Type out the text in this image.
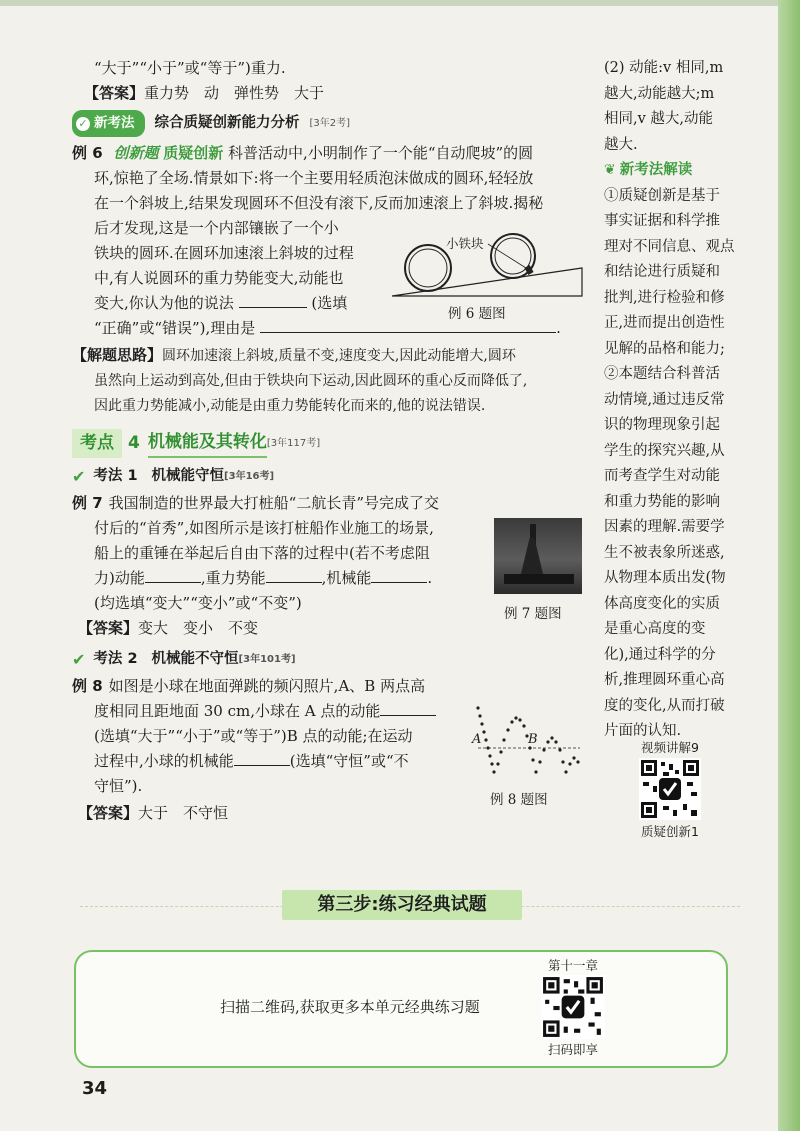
“大于”“小于”或“等于”)重力.
【答案】重力势　动　弹性势　大于
✓ 新考法 综合质疑创新能力分析 [3年2考]
例 6 创新题 质疑创新 科普活动中,小明制作了一个能“自动爬坡”的圆
环,惊艳了全场.情景如下:将一个主要用轻质泡沫做成的圆环,轻轻放
在一个斜坡上,结果发现圆环不但没有滚下,反而加速滚上了斜坡.揭秘
后才发现,这是一个内部镶嵌了一个小
铁块的圆环.在圆环加速滚上斜坡的过程
中,有人说圆环的重力势能变大,动能也
变大,你认为他的说法	(选填
“正确”或“错误”),理由是	.
【解题思路】圆环加速滚上斜坡,质量不变,速度变大,因此动能增大,圆环
虽然向上运动到高处,但由于铁块向下运动,因此圆环的重心反而降低了,
因此重力势能减小,动能是由重力势能转化而来的,他的说法错误.
考点 4 机械能及其转化 [3年117考]
✔ 考法 1 机械能守恒 [3年16考]
例 7 我国制造的世界最大打桩船“二航长青”号完成了交
付后的“首秀”,如图所示是该打桩船作业施工的场景,
船上的重锤在举起后自由下落的过程中(若不考虑阻
力)动能	,重力势能	,机械能	.
(均选填“变大”“变小”或“不变”)
【答案】变大　变小　不变
✔ 考法 2 机械能不守恒 [3年101考]
例 8 如图是小球在地面弹跳的频闪照片,A、B 两点高
度相同且距地面 30 cm,小球在 A 点的动能
(选填“大于”“小于”或“等于”)B 点的动能;在运动
过程中,小球的机械能	(选填“守恒”或“不
守恒”).
【答案】大于　不守恒
小铁块
例 6 题图
例 7 题图
A	B
例 8 题图
(2) 动能:v 相同,m
越大,动能越大;m
相同,v 越大,动能
越大.
❦ 新考法解读
①质疑创新是基于
事实证据和科学推
理对不同信息、观点
和结论进行质疑和
批判,进行检验和修
正,进而提出创造性
见解的品格和能力;
②本题结合科普活
动情境,通过违反常
识的物理现象引起
学生的探究兴趣,从
而考查学生对动能
和重力势能的影响
因素的理解.需要学
生不被表象所迷惑,
从物理本质出发(物
体高度变化的实质
是重心高度的变
化),通过科学的分
析,推理圆环重心高
度的变化,从而打破
片面的认知.
视频讲解9
质疑创新1
第三步:练习经典试题
扫描二维码,获取更多本单元经典练习题
第十一章
扫码即享
34
